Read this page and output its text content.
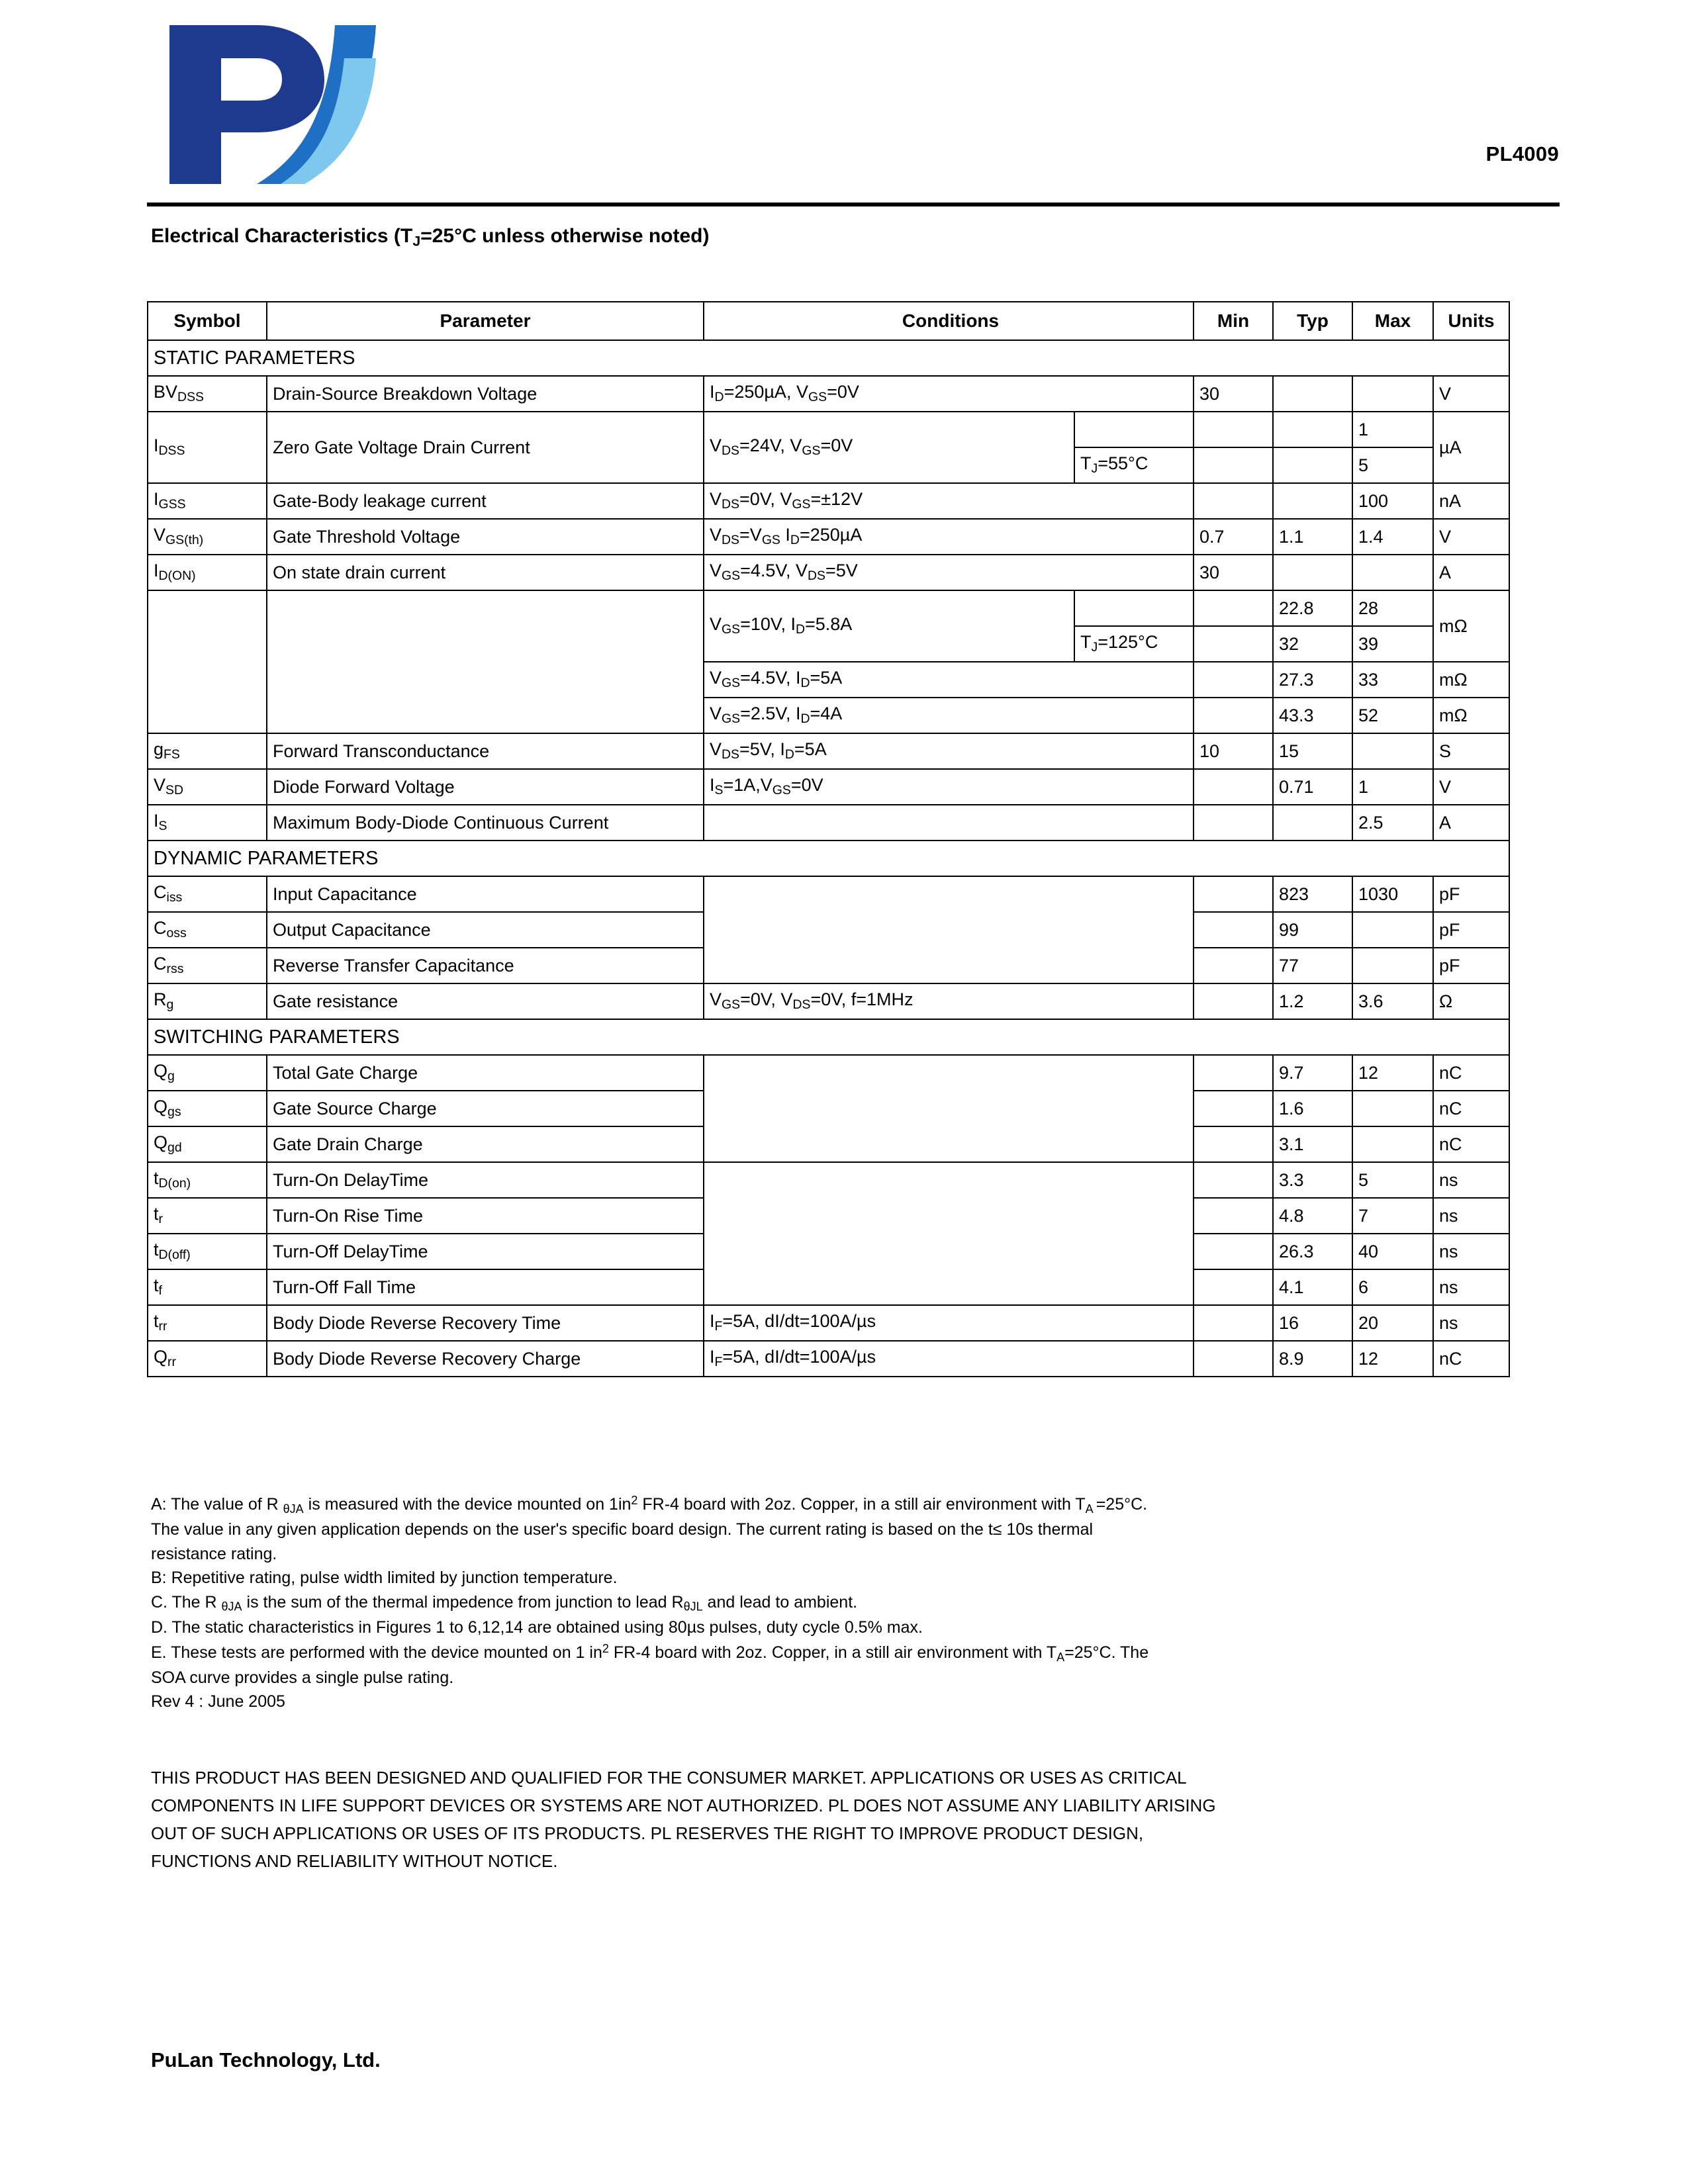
PL4009
Electrical Characteristics ($T_J=25^\circ C$ unless otherwise noted)
Symbol	Parameter	Conditions		Min	Typ	Max	Units
STATIC PARAMETERS							
$BV_{DSS}$	Drain-Source Breakdown Voltage	$I_D=250\mu A$, $V_{GS}=0V$		30			V
$I_{DSS}$	Zero Gate Voltage Drain Current	$V_{DS}=24V$, $V_{GS}=0V$				1	µA
			$T_J=55^\circ C$			5	
$I_{GSS}$	Gate-Body leakage current	$V_{DS}=0V$, $V_{GS}=\pm 12V$				100	nA
$V_{GS(th)}$	Gate Threshold Voltage	$V_{DS}=V_{GS}$ $I_D=250\mu A$		0.7	1.1	1.4	V
$I_{D(ON)}$	On state drain current	$V_{GS}=4.5V$, $V_{DS}=5V$		30			A
		$V_{GS}=10V$, $I_D=5.8A$			22.8	28	mΩ
			$T_J=125^\circ C$		32	39	
		$V_{GS}=4.5V$, $I_D=5A$			27.3	33	mΩ
		$V_{GS}=2.5V$, $I_D=4A$			43.3	52	mΩ
$g_{FS}$	Forward Transconductance	$V_{DS}=5V$, $I_D=5A$		10	15		S
$V_{SD}$	Diode Forward Voltage	$I_S=1A,V_{GS}=0V$			0.71	1	V
$I_S$	Maximum Body-Diode Continuous Current					2.5	A
DYNAMIC PARAMETERS							
$C_{iss}$	Input Capacitance				823	1030	pF
$C_{oss}$	Output Capacitance				99		pF
$C_{rss}$	Reverse Transfer Capacitance				77		pF
$R_g$	Gate resistance	$V_{GS}=0V$, $V_{DS}=0V$, f=1MHz			1.2	3.6	Ω
SWITCHING PARAMETERS							
$Q_g$	Total Gate Charge				9.7	12	nC
$Q_{gs}$	Gate Source Charge				1.6		nC
$Q_{gd}$	Gate Drain Charge				3.1		nC
$t_{D(on)}$	Turn-On DelayTime				3.3	5	ns
$t_r$	Turn-On Rise Time				4.8	7	ns
$t_{D(off)}$	Turn-Off DelayTime				26.3	40	ns
$t_f$	Turn-Off Fall Time				4.1	6	ns
$t_{rr}$	Body Diode Reverse Recovery Time	$I_F=5A$, dI/dt=100A/µs			16	20	ns
$Q_{rr}$	Body Diode Reverse Recovery Charge	$I_F=5A$, dI/dt=100A/µs			8.9	12	nC

A: The value of R $_{\theta JA}$ is measured with the device mounted on $1in^2$ FR-4 board with 2oz. Copper, in a still air environment with $T_A =25^\circ C$.

The value in any given application depends on the user's specific board design. The current rating is based on the t≤ 10s thermal

resistance rating.

B: Repetitive rating, pulse width limited by junction temperature.

C. The R $_{\theta JA}$ is the sum of the thermal impedence from junction to lead $R_{\theta JL}$ and lead to ambient.

D. The static characteristics in Figures 1 to 6,12,14 are obtained using 80µs pulses, duty cycle 0.5% max.

E. These tests are performed with the device mounted on 1 $in^2$ FR-4 board with 2oz. Copper, in a still air environment with $T_A=25^\circ C$. The

SOA curve provides a single pulse rating.

Rev 4 : June 2005

THIS PRODUCT HAS BEEN DESIGNED AND QUALIFIED FOR THE CONSUMER MARKET. APPLICATIONS OR USES AS CRITICAL

COMPONENTS IN LIFE SUPPORT DEVICES OR SYSTEMS ARE NOT AUTHORIZED. PL DOES NOT ASSUME ANY LIABILITY ARISING

OUT OF SUCH APPLICATIONS OR USES OF ITS PRODUCTS. PL RESERVES THE RIGHT TO IMPROVE PRODUCT DESIGN,

FUNCTIONS AND RELIABILITY WITHOUT NOTICE.

PuLan Technology, Ltd.
